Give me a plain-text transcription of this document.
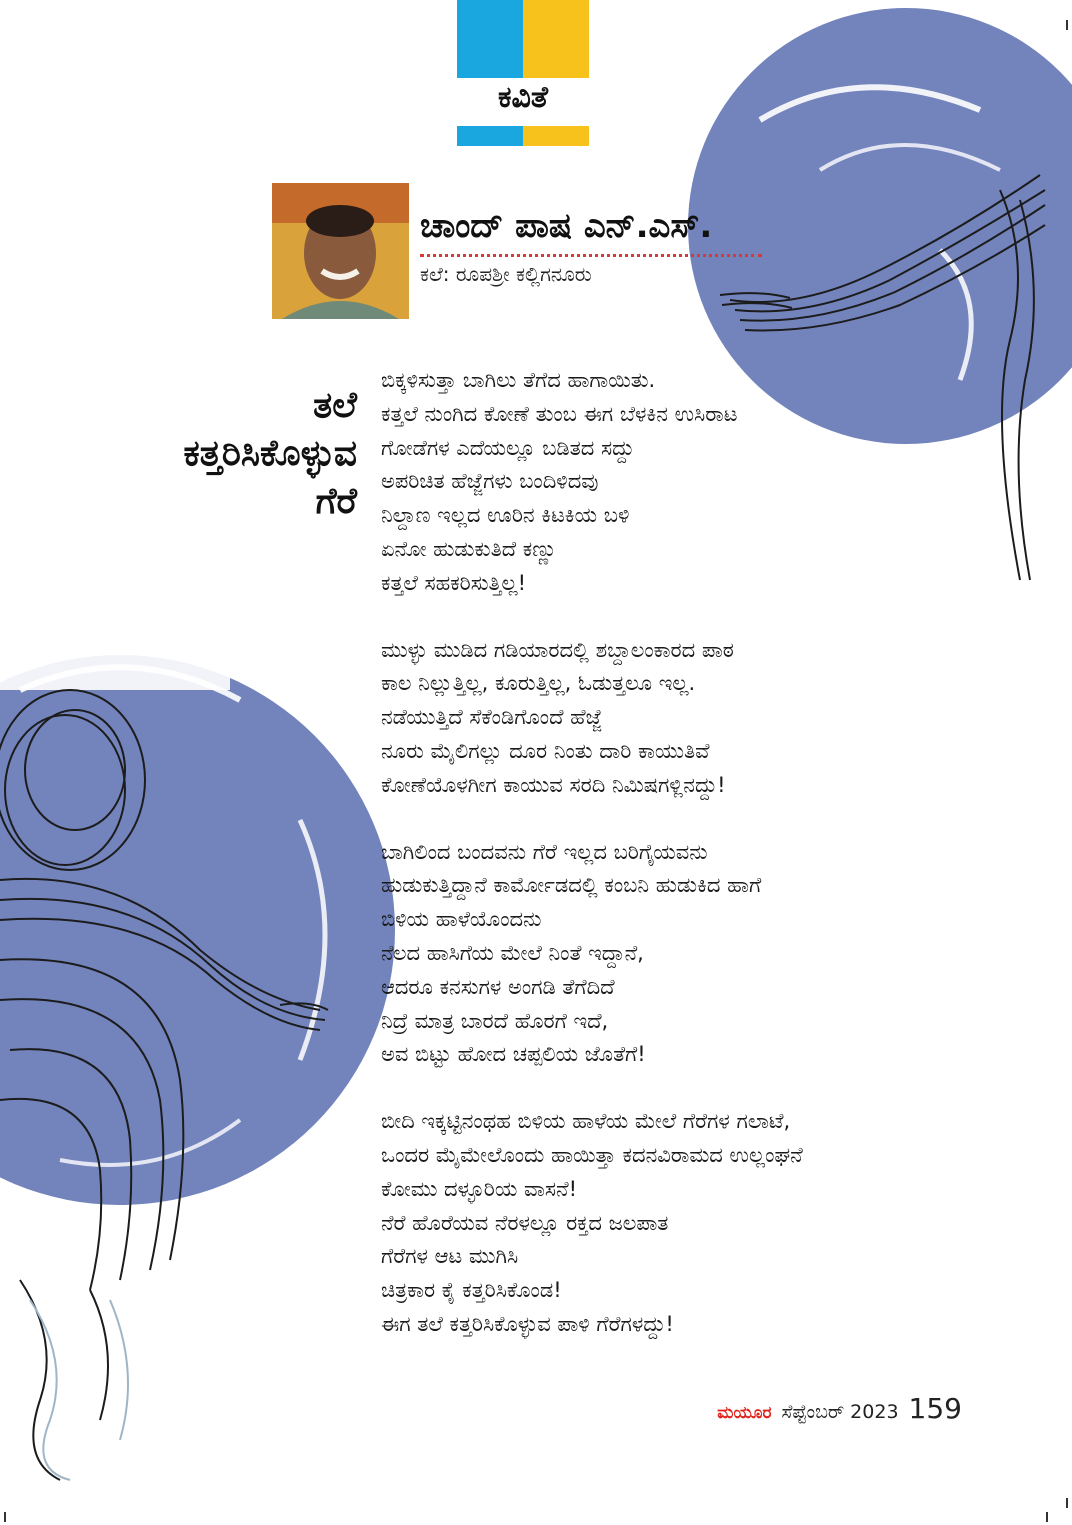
ಕವಿತೆ
ಚಾಂದ್ ಪಾಷ ಎನ್.ಎಸ್.
ಕಲೆ: ರೂಪಶ್ರೀ ಕಲ್ಲಿಗನೂರು
ತಲೆ
ಕತ್ತರಿಸಿಕೊಳ್ಳುವ
ಗೆರೆ
ಬಿಕ್ಕಳಿಸುತ್ತಾ ಬಾಗಿಲು ತೆಗೆದ ಹಾಗಾಯಿತು.
ಕತ್ತಲೆ ನುಂಗಿದ ಕೋಣೆ ತುಂಬ ಈಗ ಬೆಳಕಿನ ಉಸಿರಾಟ
ಗೋಡೆಗಳ ಎದೆಯಲ್ಲೂ ಬಡಿತದ ಸದ್ದು
ಅಪರಿಚಿತ ಹೆಜ್ಜೆಗಳು ಬಂದಿಳಿದವು
ನಿಲ್ದಾಣ ಇಲ್ಲದ ಊರಿನ ಕಿಟಕಿಯ ಬಳಿ
ಏನೋ ಹುಡುಕುತಿದೆ ಕಣ್ಣು
ಕತ್ತಲೆ ಸಹಕರಿಸುತ್ತಿಲ್ಲ!
ಮುಳ್ಳು ಮುಡಿದ ಗಡಿಯಾರದಲ್ಲಿ ಶಬ್ದಾಲಂಕಾರದ ಪಾಠ
ಕಾಲ ನಿಲ್ಲುತ್ತಿಲ್ಲ, ಕೂರುತ್ತಿಲ್ಲ, ಓಡುತ್ತಲೂ ಇಲ್ಲ.
ನಡೆಯುತ್ತಿದೆ ಸೆಕೆಂಡಿಗೊಂದೆ ಹೆಜ್ಜೆ
ನೂರು ಮೈಲಿಗಲ್ಲು ದೂರ ನಿಂತು ದಾರಿ ಕಾಯುತಿವೆ
ಕೋಣೆಯೊಳಗೀಗ ಕಾಯುವ ಸರದಿ ನಿಮಿಷಗಳ್ಲಿನದ್ದು!
ಬಾಗಿಲಿಂದ ಬಂದವನು ಗೆರೆ ಇಲ್ಲದ ಬರಿಗೈಯವನು
ಹುಡುಕುತ್ತಿದ್ದಾನೆ ಕಾರ್ಮೋಡದಲ್ಲಿ ಕಂಬನಿ ಹುಡುಕಿದ ಹಾಗೆ
ಬಿಳಿಯ ಹಾಳೆಯೊಂದನು
ನೆಲದ ಹಾಸಿಗೆಯ ಮೇಲೆ ನಿಂತೆ ಇದ್ದಾನೆ,
ಆದರೂ ಕನಸುಗಳ ಅಂಗಡಿ ತೆಗೆದಿದೆ
ನಿದ್ರೆ ಮಾತ್ರ ಬಾರದೆ ಹೊರಗೆ ಇದೆ,
ಅವ ಬಿಟ್ಟು ಹೋದ ಚಪ್ಪಲಿಯ ಜೊತೆಗೆ!
ಬೀದಿ ಇಕ್ಕಟ್ಟಿನಂಥಹ ಬಿಳಿಯ ಹಾಳೆಯ ಮೇಲೆ ಗೆರೆಗಳ ಗಲಾಟೆ,
ಒಂದರ ಮೈಮೇಲೊಂದು ಹಾಯಿತ್ತಾ ಕದನವಿರಾಮದ ಉಲ್ಲಂಘನೆ
ಕೋಮು ದಳ್ಳೂರಿಯ ವಾಸನೆ!
ನೆರೆ ಹೊರೆಯವ ನೆರಳಲ್ಲೂ ರಕ್ತದ ಜಲಪಾತ
ಗೆರೆಗಳ ಆಟ ಮುಗಿಸಿ
ಚಿತ್ರಕಾರ ಕೈ ಕತ್ತರಿಸಿಕೊಂಡ!
ಈಗ ತಲೆ ಕತ್ತರಿಸಿಕೊಳ್ಳುವ ಪಾಳಿ ಗೆರೆಗಳದ್ದು!
ಮಯೂರ ಸೆಪ್ಟೆಂಬರ್ 2023 159
